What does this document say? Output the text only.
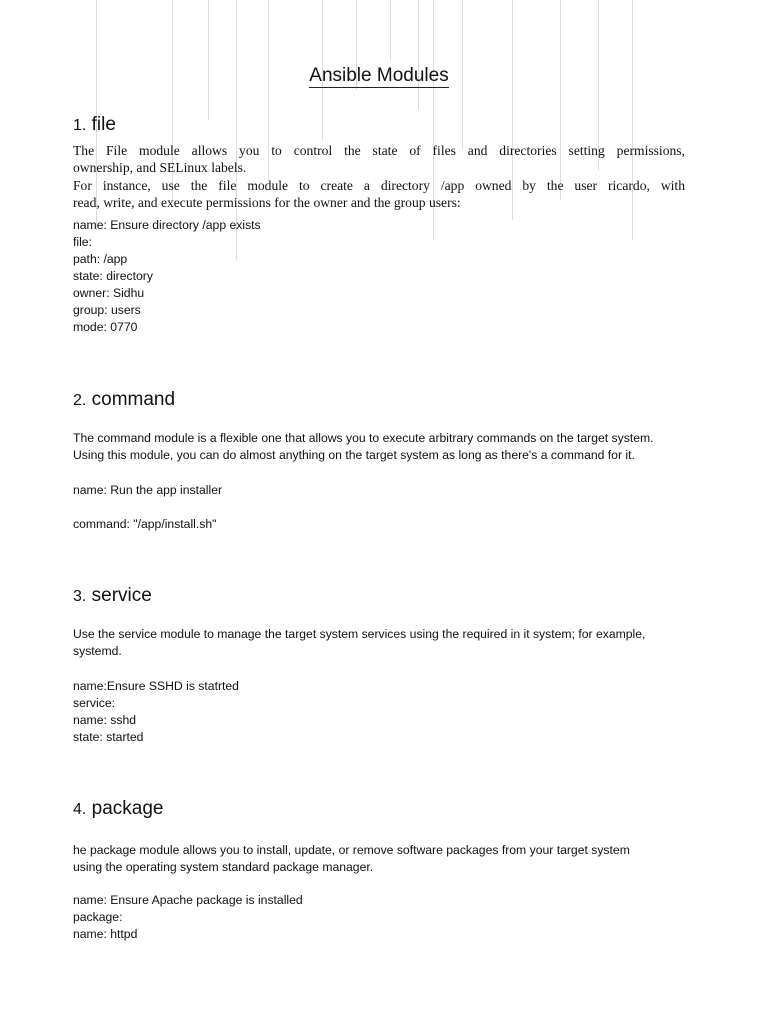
Ansible Modules
1. file
The File module allows you to control the state of files and directories setting permissions,
ownership, and SELinux labels.
For instance, use the file module to create a directory /app owned by the user ricardo, with
read, write, and execute permissions for the owner and the group users:
name: Ensure directory /app exists
file:
path: /app
state: directory
owner: Sidhu
group: users
mode: 0770
2. command
The command module is a flexible one that allows you to execute arbitrary commands on the target system.
Using this module, you can do almost anything on the target system as long as there's a command for it.
name: Run the app installer
command: "/app/install.sh"
3. service
Use the service module to manage the target system services using the required in it system; for example,
systemd.
name:Ensure SSHD is statrted
service:
name: sshd
state: started
4. package
he package module allows you to install, update, or remove software packages from your target system
using the operating system standard package manager.
name: Ensure Apache package is installed
package:
name: httpd
